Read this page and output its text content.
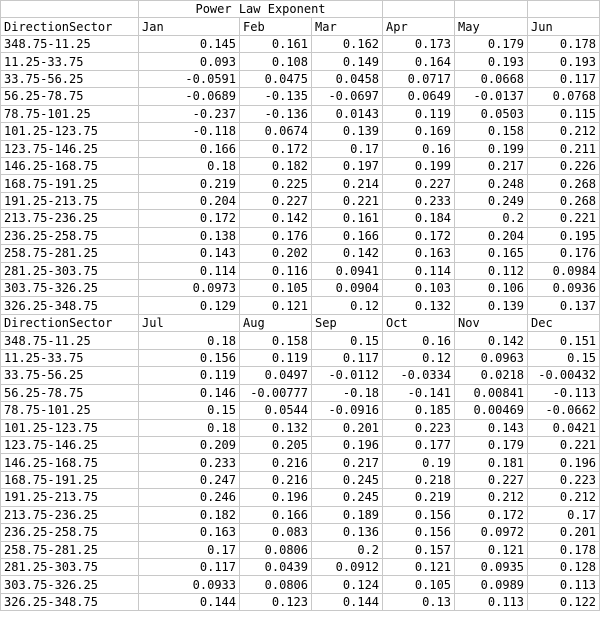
	Power Law Exponent					
DirectionSector	Jan	Feb	Mar	Apr	May	Jun
348.75-11.25	0.145	0.161	0.162	0.173	0.179	0.178
11.25-33.75	0.093	0.108	0.149	0.164	0.193	0.193
33.75-56.25	-0.0591	0.0475	0.0458	0.0717	0.0668	0.117
56.25-78.75	-0.0689	-0.135	-0.0697	0.0649	-0.0137	0.0768
78.75-101.25	-0.237	-0.136	0.0143	0.119	0.0503	0.115
101.25-123.75	-0.118	0.0674	0.139	0.169	0.158	0.212
123.75-146.25	0.166	0.172	0.17	0.16	0.199	0.211
146.25-168.75	0.18	0.182	0.197	0.199	0.217	0.226
168.75-191.25	0.219	0.225	0.214	0.227	0.248	0.268
191.25-213.75	0.204	0.227	0.221	0.233	0.249	0.268
213.75-236.25	0.172	0.142	0.161	0.184	0.2	0.221
236.25-258.75	0.138	0.176	0.166	0.172	0.204	0.195
258.75-281.25	0.143	0.202	0.142	0.163	0.165	0.176
281.25-303.75	0.114	0.116	0.0941	0.114	0.112	0.0984
303.75-326.25	0.0973	0.105	0.0904	0.103	0.106	0.0936
326.25-348.75	0.129	0.121	0.12	0.132	0.139	0.137
DirectionSector	Jul	Aug	Sep	Oct	Nov	Dec
348.75-11.25	0.18	0.158	0.15	0.16	0.142	0.151
11.25-33.75	0.156	0.119	0.117	0.12	0.0963	0.15
33.75-56.25	0.119	0.0497	-0.0112	-0.0334	0.0218	-0.00432
56.25-78.75	0.146	-0.00777	-0.18	-0.141	0.00841	-0.113
78.75-101.25	0.15	0.0544	-0.0916	0.185	0.00469	-0.0662
101.25-123.75	0.18	0.132	0.201	0.223	0.143	0.0421
123.75-146.25	0.209	0.205	0.196	0.177	0.179	0.221
146.25-168.75	0.233	0.216	0.217	0.19	0.181	0.196
168.75-191.25	0.247	0.216	0.245	0.218	0.227	0.223
191.25-213.75	0.246	0.196	0.245	0.219	0.212	0.212
213.75-236.25	0.182	0.166	0.189	0.156	0.172	0.17
236.25-258.75	0.163	0.083	0.136	0.156	0.0972	0.201
258.75-281.25	0.17	0.0806	0.2	0.157	0.121	0.178
281.25-303.75	0.117	0.0439	0.0912	0.121	0.0935	0.128
303.75-326.25	0.0933	0.0806	0.124	0.105	0.0989	0.113
326.25-348.75	0.144	0.123	0.144	0.13	0.113	0.122
